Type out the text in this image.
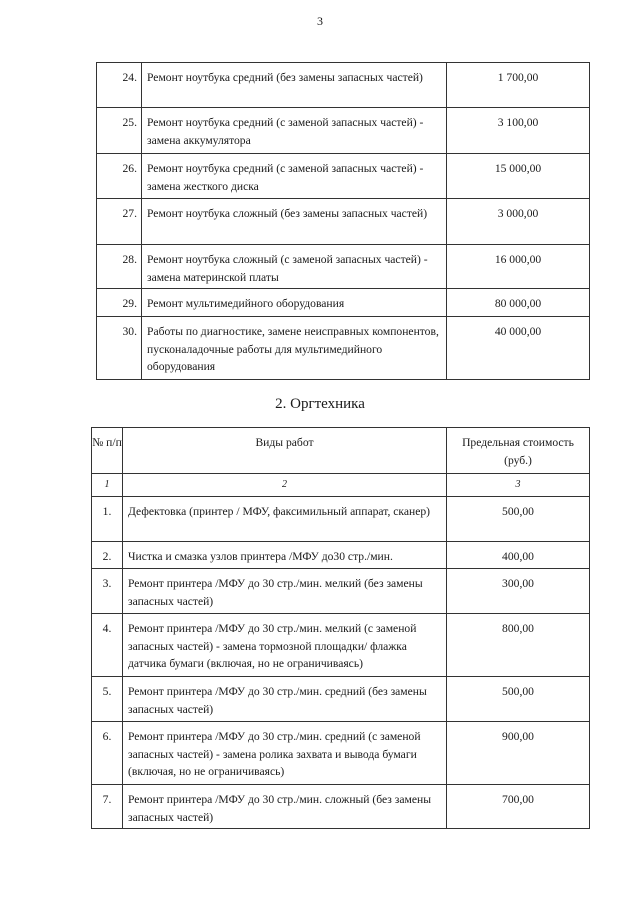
3
24.	Ремонт ноутбука средний (без замены запасных частей)	1 700,00
25.	Ремонт ноутбука средний (с заменой запасных частей) - замена аккумулятора	3 100,00
26.	Ремонт ноутбука средний (с заменой запасных частей) - замена жесткого диска	15 000,00
27.	Ремонт ноутбука сложный (без замены запасных частей)	3 000,00
28.	Ремонт ноутбука сложный (с заменой запасных частей) - замена материнской платы	16 000,00
29.	Ремонт мультимедийного оборудования	80 000,00
30.	Работы по диагностике, замене неисправных компонентов, пусконаладочные работы для мультимедийного оборудования	40 000,00
2. Оргтехника
№ п/п	Виды работ	Предельная стоимость (руб.)
1	2	3
1.	Дефектовка (принтер / МФУ, факсимильный аппарат, сканер)	500,00
2.	Чистка и смазка узлов принтера /МФУ до30 стр./мин.	400,00
3.	Ремонт принтера /МФУ до 30 стр./мин. мелкий (без замены запасных частей)	300,00
4.	Ремонт принтера /МФУ до 30 стр./мин. мелкий (с заменой запасных частей) - замена тормозной площадки/ флажка датчика бумаги (включая, но не ограничиваясь)	800,00
5.	Ремонт принтера /МФУ до 30 стр./мин. средний (без замены запасных частей)	500,00
6.	Ремонт принтера /МФУ до 30 стр./мин. средний (с заменой запасных частей) - замена ролика захвата и вывода бумаги (включая, но не ограничиваясь)	900,00
7.	Ремонт принтера /МФУ до 30 стр./мин. сложный (без замены запасных частей)	700,00
